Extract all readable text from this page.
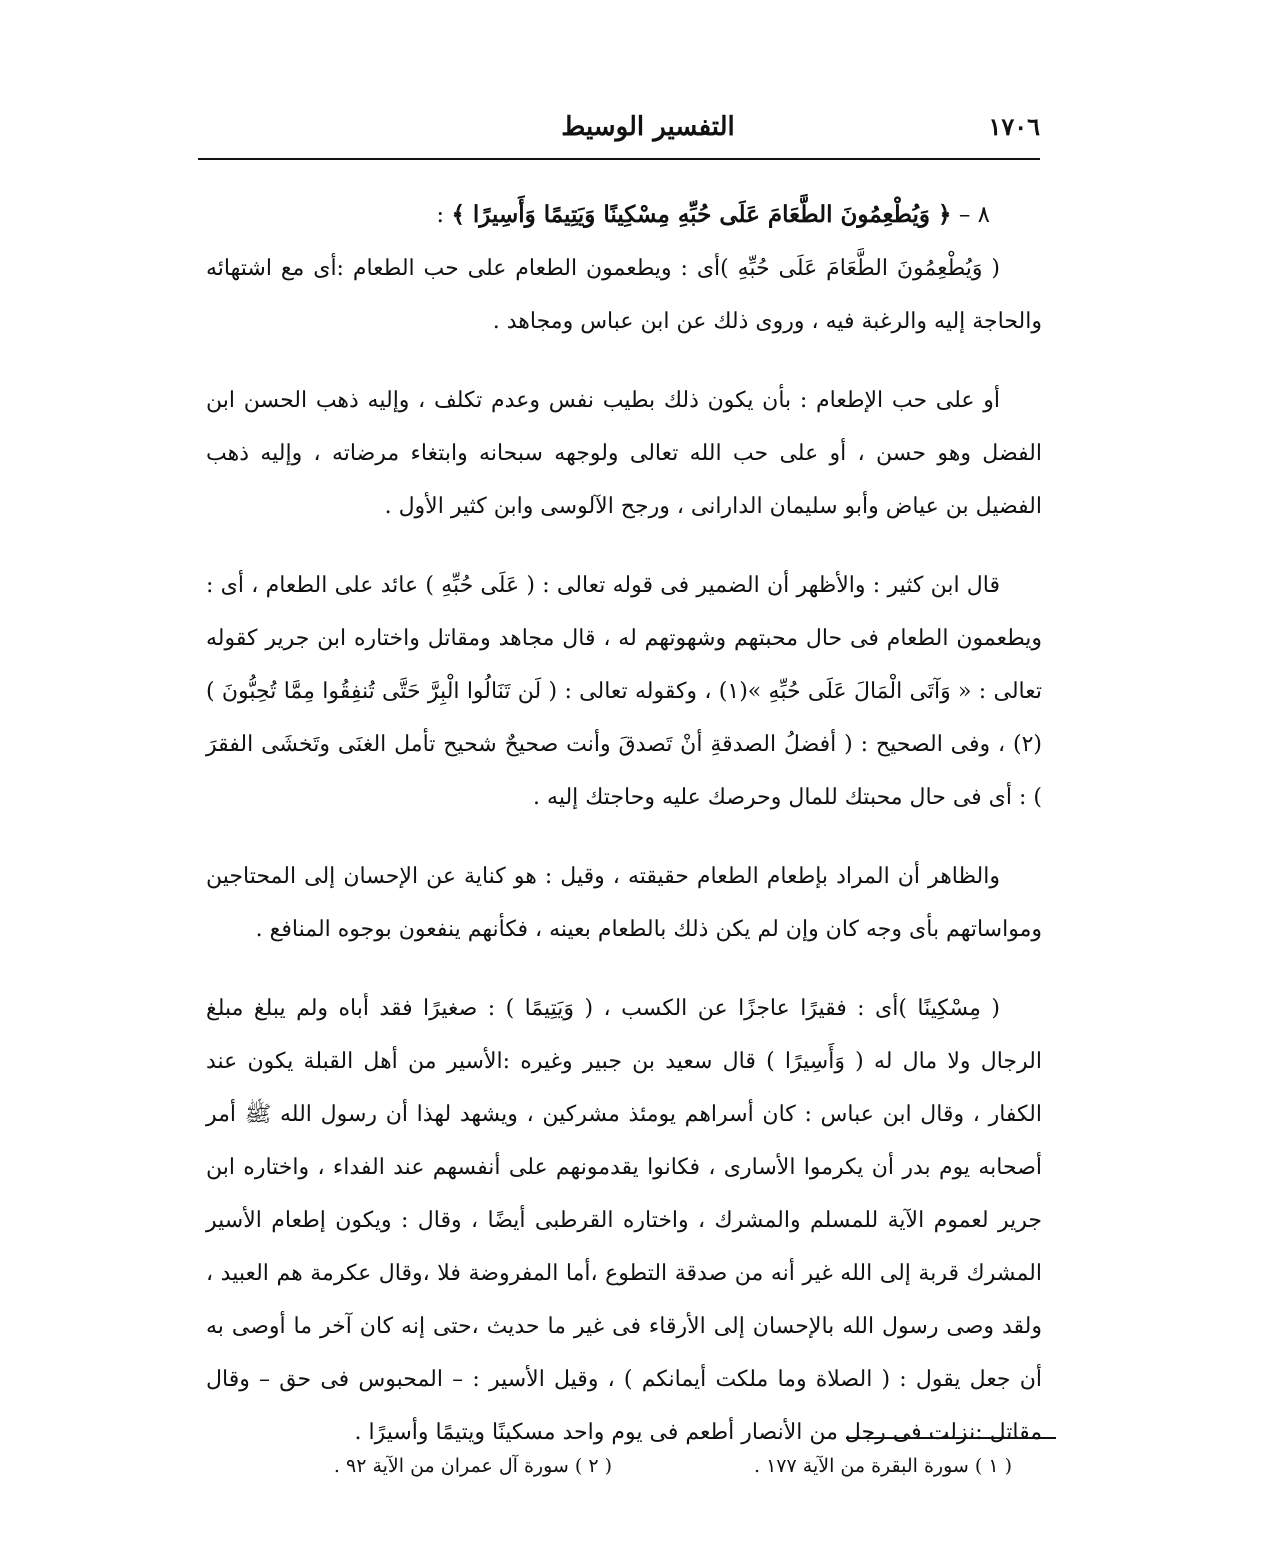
١٧٠٦
التفسير الوسيط

٨ – ﴿ وَيُطْعِمُونَ الطَّعَامَ عَلَى حُبِّهِ مِسْكِينًا وَيَتِيمًا وَأَسِيرًا ﴾ :

( وَيُطْعِمُونَ الطَّعَامَ عَلَى حُبِّهِ )أى : ويطعمون الطعام على حب الطعام :أى مع اشتهائه والحاجة إليه والرغبة فيه ، وروى ذلك عن ابن عباس ومجاهد .

أو على حب الإطعام : بأن يكون ذلك بطيب نفس وعدم تكلف ، وإليه ذهب الحسن ابن الفضل وهو حسن ، أو على حب الله تعالى ولوجهه سبحانه وابتغاء مرضاته ، وإليه ذهب الفضيل بن عياض وأبو سليمان الدارانى ، ورجح الآلوسى وابن كثير الأول .

قال ابن كثير : والأظهر أن الضمير فى قوله تعالى : ( عَلَى حُبِّهِ ) عائد على الطعام ، أى : ويطعمون الطعام فى حال محبتهم وشهوتهم له ، قال مجاهد ومقاتل واختاره ابن جرير كقوله تعالى : « وَآتَى الْمَالَ عَلَى حُبِّهِ »(١) ، وكقوله تعالى : ( لَن تَنَالُوا الْبِرَّ حَتَّى تُنفِقُوا مِمَّا تُحِبُّونَ )(٢) ، وفى الصحيح : ( أفضلُ الصدقةِ أنْ تَصدقَ وأنت صحيحٌ شحيح تأمل الغنَى وتَخشَى الفقرَ ) : أى فى حال محبتك للمال وحرصك عليه وحاجتك إليه .

والظاهر أن المراد بإطعام الطعام حقيقته ، وقيل : هو كناية عن الإحسان إلى المحتاجين ومواساتهم بأى وجه كان وإن لم يكن ذلك بالطعام بعينه ، فكأنهم ينفعون بوجوه المنافع .

( مِسْكِينًا )أى : فقيرًا عاجزًا عن الكسب ، ( وَيَتِيمًا ) : صغيرًا فقد أباه ولم يبلغ مبلغ الرجال ولا مال له ( وَأَسِيرًا ) قال سعيد بن جبير وغيره :الأسير من أهل القبلة يكون عند الكفار ، وقال ابن عباس : كان أسراهم يومئذ مشركين ، ويشهد لهذا أن رسول الله ﷺ أمر أصحابه يوم بدر أن يكرموا الأسارى ، فكانوا يقدمونهم على أنفسهم عند الفداء ، واختاره ابن جرير لعموم الآية للمسلم والمشرك ، واختاره القرطبى أيضًا ، وقال : ويكون إطعام الأسير المشرك قربة إلى الله غير أنه من صدقة التطوع ،أما المفروضة فلا ،وقال عكرمة هم العبيد ، ولقد وصى رسول الله بالإحسان إلى الأرقاء فى غير ما حديث ،حتى إنه كان آخر ما أوصى به أن جعل يقول : ( الصلاة وما ملكت أيمانكم ) ، وقيل الأسير : – المحبوس فى حق – وقال مقاتل :نزلت فى رجل من الأنصار أطعم فى يوم واحد مسكينًا ويتيمًا وأسيرًا .

( ١ ) سورة البقرة من الآية ١٧٧ .
( ٢ ) سورة آل عمران من الآية ٩٢ .
